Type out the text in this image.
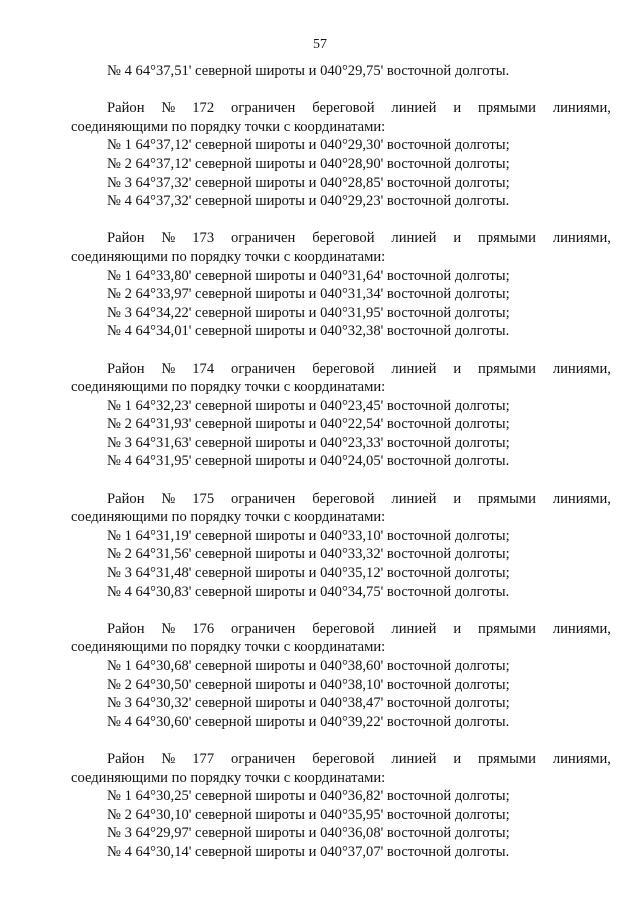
57
№ 4 64°37,51' северной широты и 040°29,75' восточной долготы.
Район № 172 ограничен береговой линией и прямыми линиями,
соединяющими по порядку точки с координатами:
№ 1 64°37,12' северной широты и 040°29,30' восточной долготы;
№ 2 64°37,12' северной широты и 040°28,90' восточной долготы;
№ 3 64°37,32' северной широты и 040°28,85' восточной долготы;
№ 4 64°37,32' северной широты и 040°29,23' восточной долготы.
Район № 173 ограничен береговой линией и прямыми линиями,
соединяющими по порядку точки с координатами:
№ 1 64°33,80' северной широты и 040°31,64' восточной долготы;
№ 2 64°33,97' северной широты и 040°31,34' восточной долготы;
№ 3 64°34,22' северной широты и 040°31,95' восточной долготы;
№ 4 64°34,01' северной широты и 040°32,38' восточной долготы.
Район № 174 ограничен береговой линией и прямыми линиями,
соединяющими по порядку точки с координатами:
№ 1 64°32,23' северной широты и 040°23,45' восточной долготы;
№ 2 64°31,93' северной широты и 040°22,54' восточной долготы;
№ 3 64°31,63' северной широты и 040°23,33' восточной долготы;
№ 4 64°31,95' северной широты и 040°24,05' восточной долготы.
Район № 175 ограничен береговой линией и прямыми линиями,
соединяющими по порядку точки с координатами:
№ 1 64°31,19' северной широты и 040°33,10' восточной долготы;
№ 2 64°31,56' северной широты и 040°33,32' восточной долготы;
№ 3 64°31,48' северной широты и 040°35,12' восточной долготы;
№ 4 64°30,83' северной широты и 040°34,75' восточной долготы.
Район № 176 ограничен береговой линией и прямыми линиями,
соединяющими по порядку точки с координатами:
№ 1 64°30,68' северной широты и 040°38,60' восточной долготы;
№ 2 64°30,50' северной широты и 040°38,10' восточной долготы;
№ 3 64°30,32' северной широты и 040°38,47' восточной долготы;
№ 4 64°30,60' северной широты и 040°39,22' восточной долготы.
Район № 177 ограничен береговой линией и прямыми линиями,
соединяющими по порядку точки с координатами:
№ 1 64°30,25' северной широты и 040°36,82' восточной долготы;
№ 2 64°30,10' северной широты и 040°35,95' восточной долготы;
№ 3 64°29,97' северной широты и 040°36,08' восточной долготы;
№ 4 64°30,14' северной широты и 040°37,07' восточной долготы.
